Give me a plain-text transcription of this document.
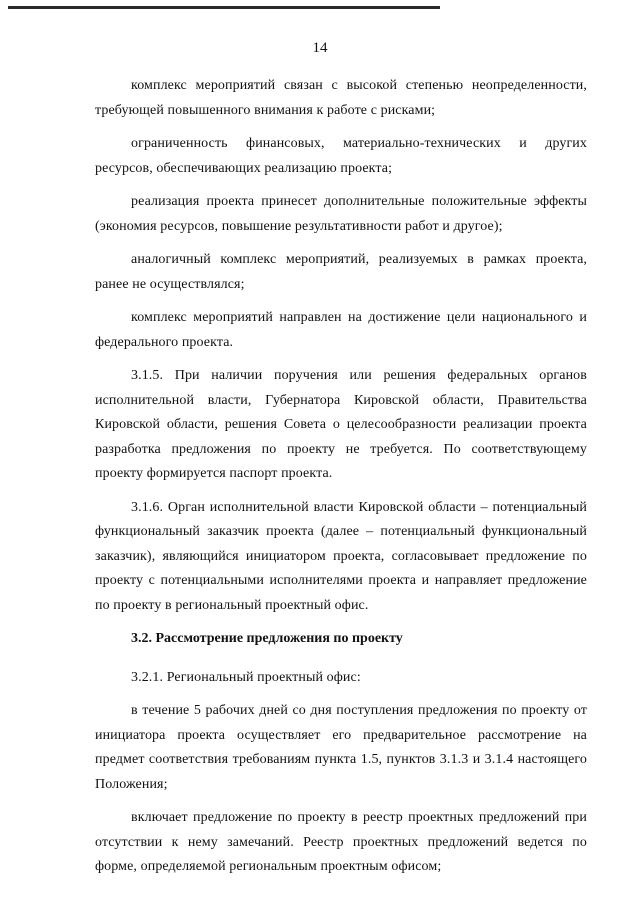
14

комплекс мероприятий связан с высокой степенью неопределенности, требующей повышенного внимания к работе с рисками;

ограниченность финансовых, материально-технических и других ресурсов, обеспечивающих реализацию проекта;

реализация проекта принесет дополнительные положительные эффекты (экономия ресурсов, повышение результативности работ и другое);

аналогичный комплекс мероприятий, реализуемых в рамках проекта, ранее не осуществлялся;

комплекс мероприятий направлен на достижение цели национального и федерального проекта.

3.1.5. При наличии поручения или решения федеральных органов исполнительной власти, Губернатора Кировской области, Правительства Кировской области, решения Совета о целесообразности реализации проекта разработка предложения по проекту не требуется. По соответствующему проекту формируется паспорт проекта.

3.1.6. Орган исполнительной власти Кировской области – потенциальный функциональный заказчик проекта (далее – потенциальный функциональный заказчик), являющийся инициатором проекта, согласовывает предложение по проекту с потенциальными исполнителями проекта и направляет предложение по проекту в региональный проектный офис.

3.2. Рассмотрение предложения по проекту

3.2.1. Региональный проектный офис:

в течение 5 рабочих дней со дня поступления предложения по проекту от инициатора проекта осуществляет его предварительное рассмотрение на предмет соответствия требованиям пункта 1.5, пунктов 3.1.3 и 3.1.4 настоящего Положения;

включает предложение по проекту в реестр проектных предложений при отсутствии к нему замечаний. Реестр проектных предложений ведется по форме, определяемой региональным проектным офисом;
